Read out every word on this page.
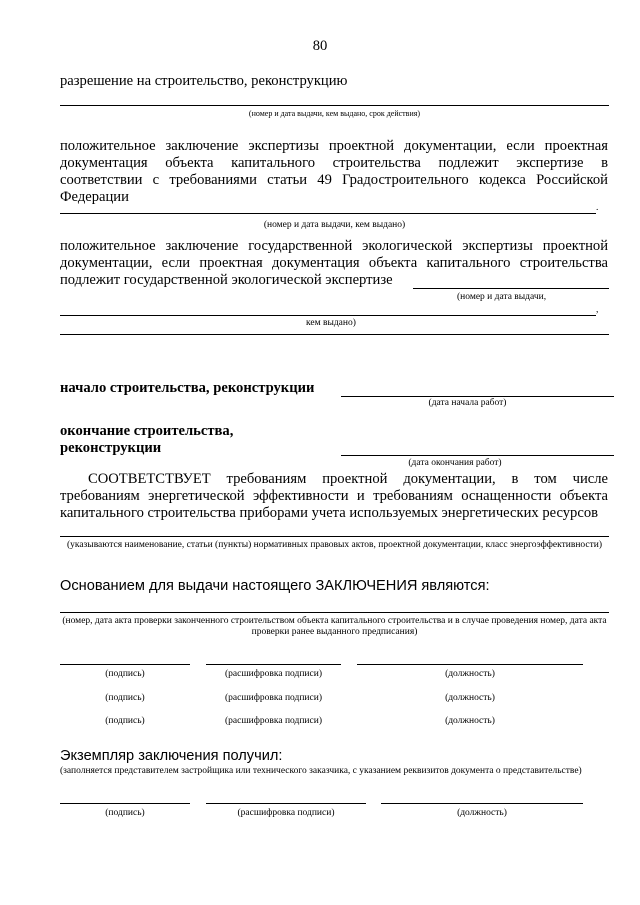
80
разрешение на строительство, реконструкцию
(номер и дата выдачи, кем выдано, срок действия)
положительное заключение экспертизы проектной документации, если проектная документация объекта капитального строительства подлежит экспертизе в соответствии с требованиями статьи 49 Градостроительного кодекса Российской Федерации
.
(номер и дата выдачи, кем выдано)
положительное заключение государственной экологической экспертизы проектной документации, если проектная документация объекта капитального строительства подлежит государственной экологической экспертизе
(номер и дата выдачи,
,
кем выдано)
начало строительства, реконструкции
(дата начала работ)
окончание строительства,
реконструкции
(дата окончания работ)
СООТВЕТСТВУЕТ требованиям проектной документации, в том числе требованиям энергетической эффективности и требованиям оснащенности объекта капитального строительства приборами учета используемых энергетических ресурсов
(указываются наименование, статьи (пункты) нормативных правовых актов, проектной документации, класс энергоэффективности)
Основанием для выдачи настоящего ЗАКЛЮЧЕНИЯ являются:
(номер, дата акта проверки законченного строительством объекта капитального строительства и в случае проведения номер, дата акта проверки ранее выданного предписания)
(подпись)	(расшифровка подписи)	(должность)
(подпись)	(расшифровка подписи)	(должность)
(подпись)	(расшифровка подписи)	(должность)
Экземпляр заключения получил:
(заполняется представителем застройщика или технического заказчика, с указанием реквизитов документа о представительстве)
(подпись)	(расшифровка подписи)	(должность)
